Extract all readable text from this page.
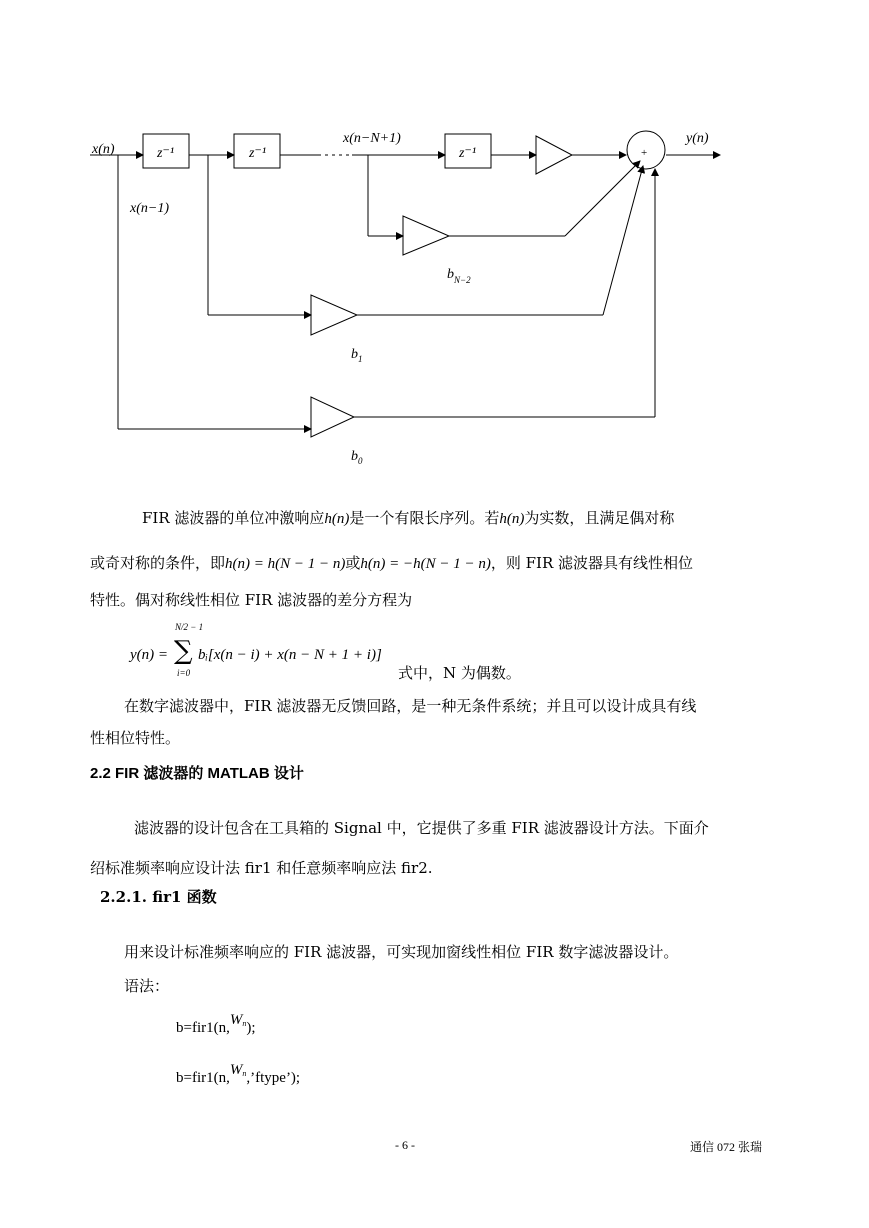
x(n)
y(n)
z⁻¹	z⁻¹	z⁻¹
x(n−1)
x(n−N+1)
+
b N−2
b 1
b 0

FIR 滤波器的单位冲激响应h(n)是一个有限长序列。若h(n)为实数，且满足偶对称

或奇对称的条件，即h(n) = h(N − 1 − n)或h(n) = −h(N − 1 − n)，则 FIR 滤波器具有线性相位

特性。偶对称线性相位 FIR 滤波器的差分方程为

y(n) =
N/2 − 1
∑
i=0
bᵢ[x(n − i) + x(n − N + 1 + i)]
式中，N 为偶数。

在数字滤波器中，FIR 滤波器无反馈回路，是一种无条件系统；并且可以设计成具有线

性相位特性。

2.2 FIR 滤波器的 MATLAB 设计

滤波器的设计包含在工具箱的 Signal 中，它提供了多重 FIR 滤波器设计方法。下面介

绍标准频率响应设计法 fir1 和任意频率响应法 fir2.

2.2.1. fir1 函数

用来设计标准频率响应的 FIR 滤波器，可实现加窗线性相位 FIR 数字滤波器设计。

语法：

$b=fir1(n,W^n)$;
$b=fir1(n,W^n,’ftype’)$;
- 6 -	通信 072 张瑞
